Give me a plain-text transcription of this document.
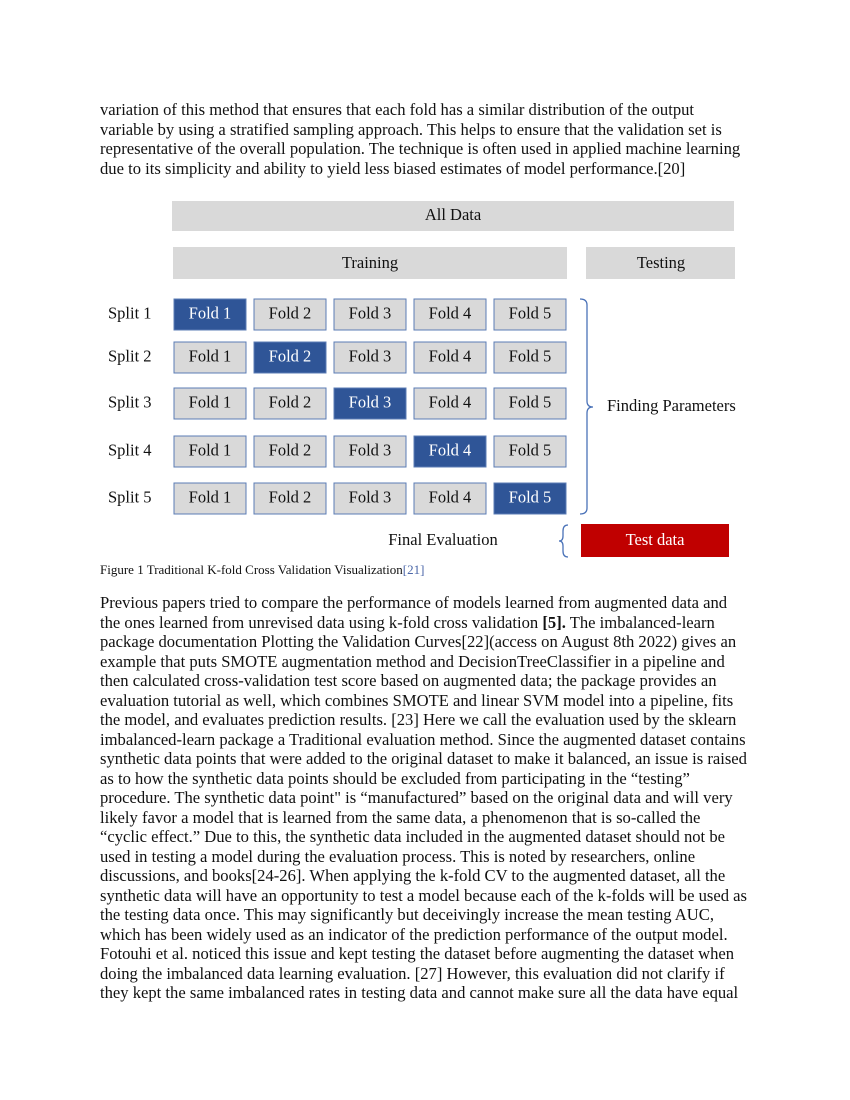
variation of this method that ensures that each fold has a similar distribution of the output
variable by using a stratified sampling approach. This helps to ensure that the validation set is
representative of the overall population. The technique is often used in applied machine learning
due to its simplicity and ability to yield less biased estimates of model performance.[20]
All Data
Training	Testing
Split 1 Fold 1 Fold 2 Fold 3 Fold 4 Fold 5
Split 2 Fold 1 Fold 2 Fold 3 Fold 4 Fold 5
Split 3 Fold 1 Fold 2 Fold 3 Fold 4 Fold 5
Split 4 Fold 1 Fold 2 Fold 3 Fold 4 Fold 5
Split 5 Fold 1 Fold 2 Fold 3 Fold 4 Fold 5
Finding Parameters
Final Evaluation	Test data
Figure 1 Traditional K-fold Cross Validation Visualization[21]
Previous papers tried to compare the performance of models learned from augmented data and
the ones learned from unrevised data using k-fold cross validation [5]. The imbalanced-learn
package documentation Plotting the Validation Curves[22](access on August 8th 2022) gives an
example that puts SMOTE augmentation method and DecisionTreeClassifier in a pipeline and
then calculated cross-validation test score based on augmented data; the package provides an
evaluation tutorial as well, which combines SMOTE and linear SVM model into a pipeline, fits
the model, and evaluates prediction results. [23] Here we call the evaluation used by the sklearn
imbalanced-learn package a Traditional evaluation method. Since the augmented dataset contains
synthetic data points that were added to the original dataset to make it balanced, an issue is raised
as to how the synthetic data points should be excluded from participating in the “testing”
procedure. The synthetic data point" is “manufactured” based on the original data and will very
likely favor a model that is learned from the same data, a phenomenon that is so-called the
“cyclic effect.” Due to this, the synthetic data included in the augmented dataset should not be
used in testing a model during the evaluation process. This is noted by researchers, online
discussions, and books[24-26]. When applying the k-fold CV to the augmented dataset, all the
synthetic data will have an opportunity to test a model because each of the k-folds will be used as
the testing data once. This may significantly but deceivingly increase the mean testing AUC,
which has been widely used as an indicator of the prediction performance of the output model.
Fotouhi et al. noticed this issue and kept testing the dataset before augmenting the dataset when
doing the imbalanced data learning evaluation. [27] However, this evaluation did not clarify if
they kept the same imbalanced rates in testing data and cannot make sure all the data have equal
